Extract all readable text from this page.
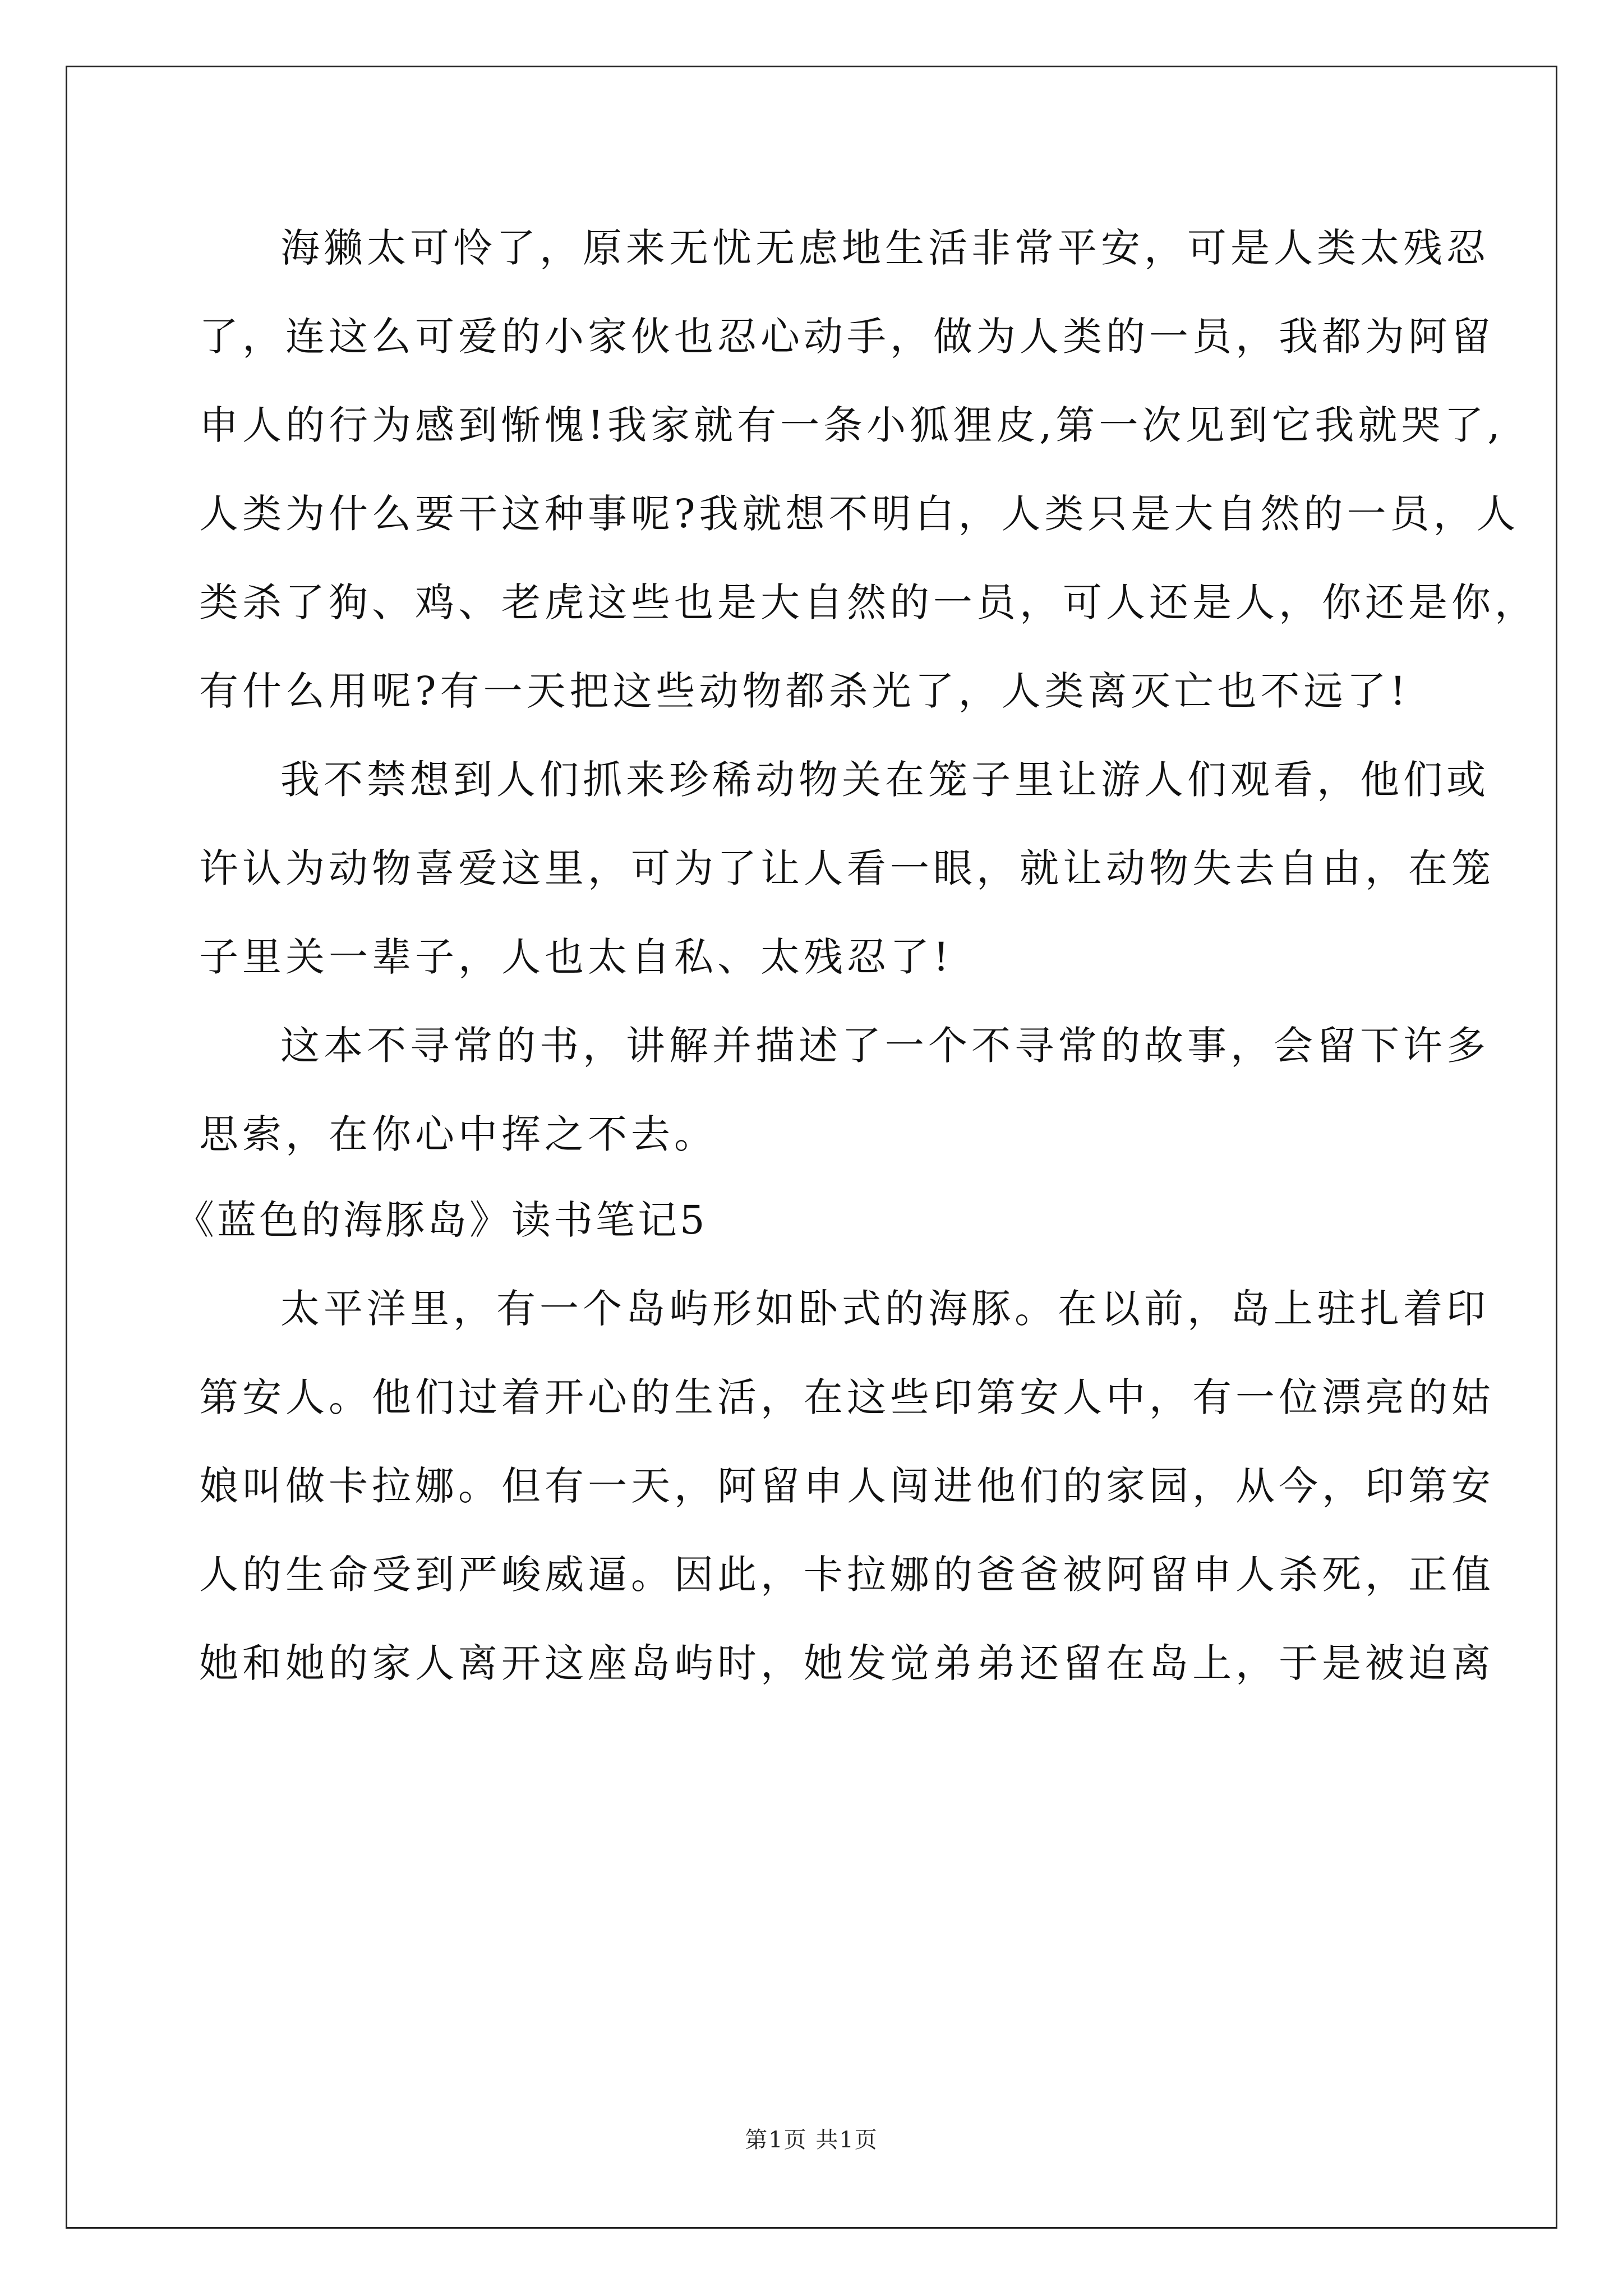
海獭太可怜了，原来无忧无虑地生活非常平安，可是人类太残忍
了，连这么可爱的小家伙也忍心动手，做为人类的一员，我都为阿留
申人的行为感到惭愧!我家就有一条小狐狸皮,第一次见到它我就哭了,
人类为什么要干这种事呢?我就想不明白，人类只是大自然的一员，人
类杀了狗、鸡、老虎这些也是大自然的一员，可人还是人，你还是你，
有什么用呢?有一天把这些动物都杀光了，人类离灭亡也不远了!
我不禁想到人们抓来珍稀动物关在笼子里让游人们观看，他们或
许认为动物喜爱这里，可为了让人看一眼，就让动物失去自由，在笼
子里关一辈子，人也太自私、太残忍了!
这本不寻常的书，讲解并描述了一个不寻常的故事，会留下许多
思索，在你心中挥之不去。
《蓝色的海豚岛》读书笔记5
太平洋里，有一个岛屿形如卧式的海豚。在以前，岛上驻扎着印
第安人。他们过着开心的生活，在这些印第安人中，有一位漂亮的姑
娘叫做卡拉娜。但有一天，阿留申人闯进他们的家园，从今，印第安
人的生命受到严峻威逼。因此，卡拉娜的爸爸被阿留申人杀死，正值
她和她的家人离开这座岛屿时，她发觉弟弟还留在岛上，于是被迫离
第1页 共1页
